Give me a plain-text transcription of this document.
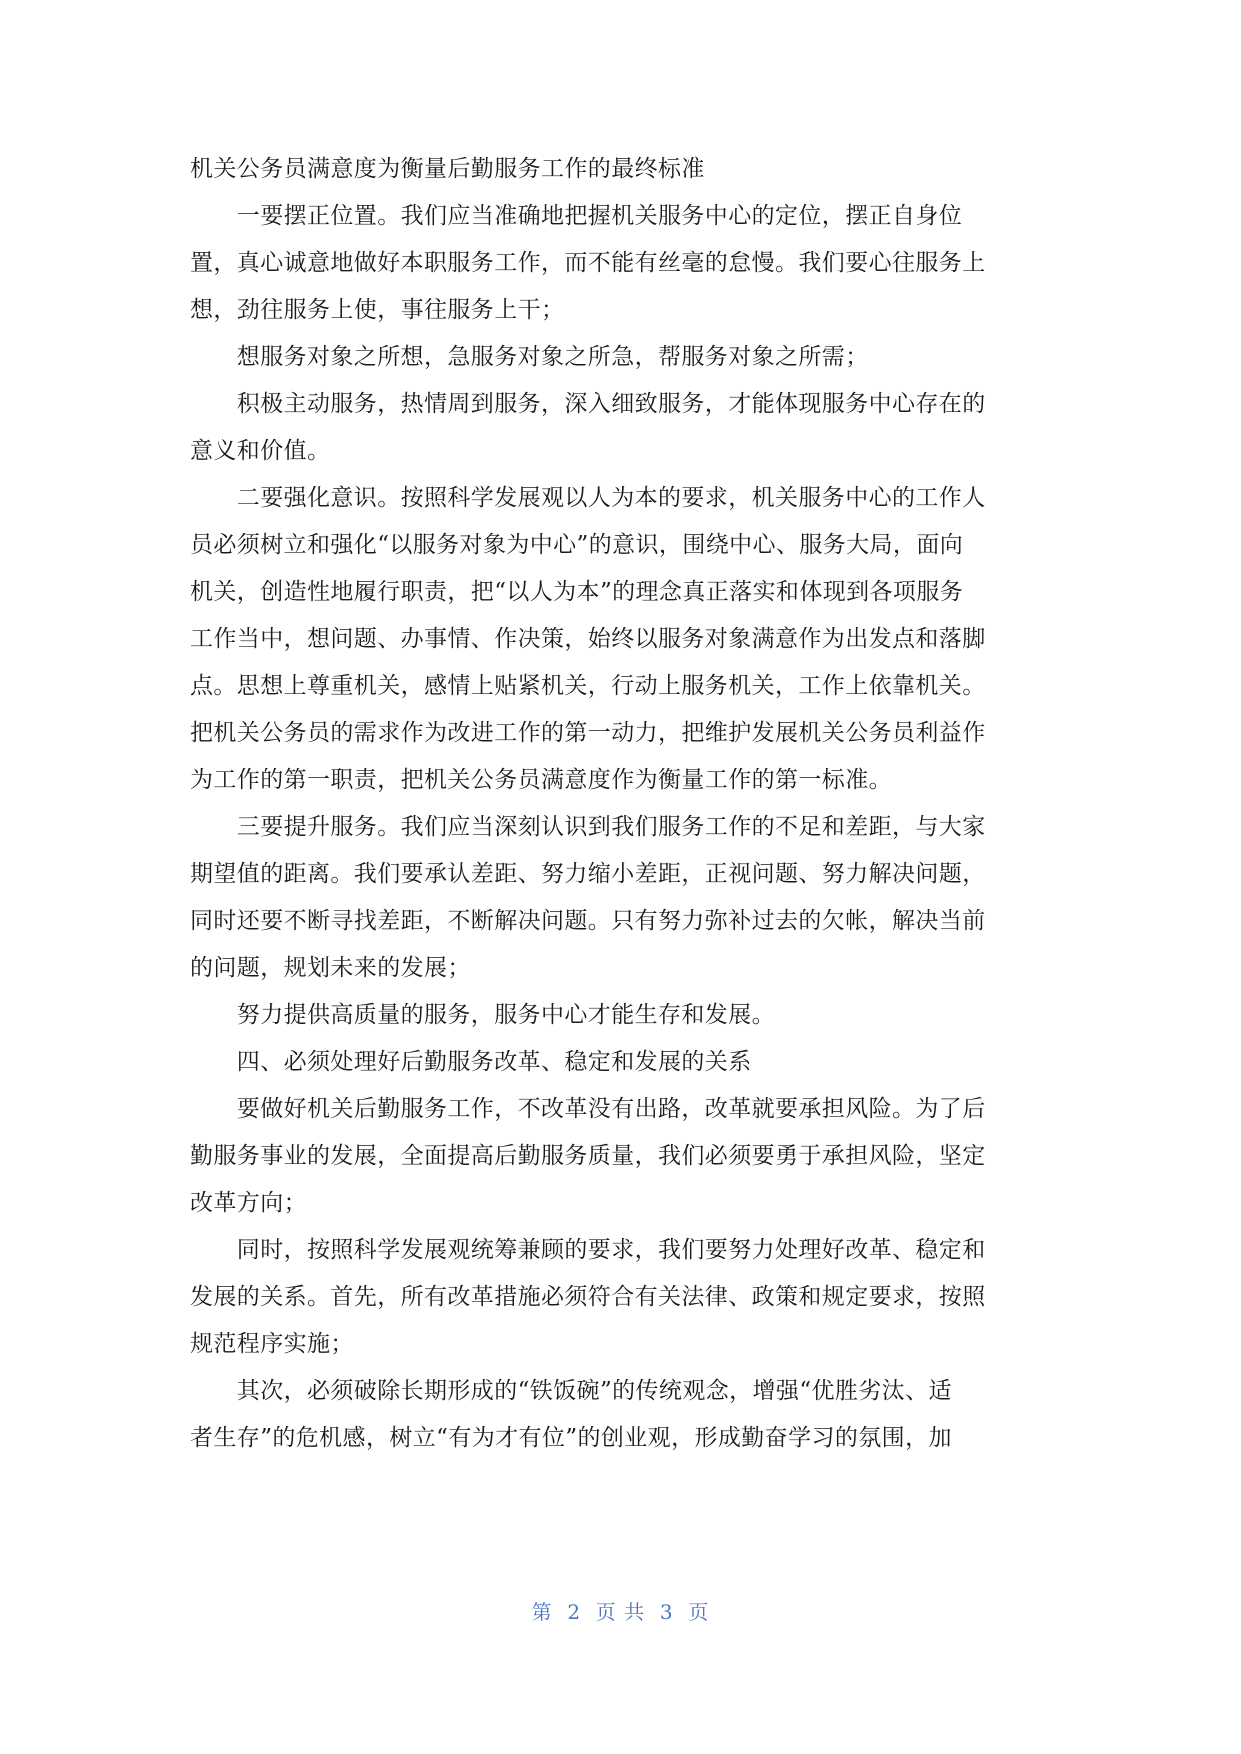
机关公务员满意度为衡量后勤服务工作的最终标准
　　一要摆正位置。我们应当准确地把握机关服务中心的定位，摆正自身位
置，真心诚意地做好本职服务工作，而不能有丝毫的怠慢。我们要心往服务上
想，劲往服务上使，事往服务上干；
　　想服务对象之所想，急服务对象之所急，帮服务对象之所需；
　　积极主动服务，热情周到服务，深入细致服务，才能体现服务中心存在的
意义和价值。
　　二要强化意识。按照科学发展观以人为本的要求，机关服务中心的工作人
员必须树立和强化“以服务对象为中心”的意识，围绕中心、服务大局，面向
机关，创造性地履行职责，把“以人为本”的理念真正落实和体现到各项服务
工作当中，想问题、办事情、作决策，始终以服务对象满意作为出发点和落脚
点。思想上尊重机关，感情上贴紧机关，行动上服务机关，工作上依靠机关。
把机关公务员的需求作为改进工作的第一动力，把维护发展机关公务员利益作
为工作的第一职责，把机关公务员满意度作为衡量工作的第一标准。
　　三要提升服务。我们应当深刻认识到我们服务工作的不足和差距，与大家
期望值的距离。我们要承认差距、努力缩小差距，正视问题、努力解决问题，
同时还要不断寻找差距，不断解决问题。只有努力弥补过去的欠帐，解决当前
的问题，规划未来的发展；
　　努力提供高质量的服务，服务中心才能生存和发展。
　　四、必须处理好后勤服务改革、稳定和发展的关系
　　要做好机关后勤服务工作，不改革没有出路，改革就要承担风险。为了后
勤服务事业的发展，全面提高后勤服务质量，我们必须要勇于承担风险，坚定
改革方向；
　　同时，按照科学发展观统筹兼顾的要求，我们要努力处理好改革、稳定和
发展的关系。首先，所有改革措施必须符合有关法律、政策和规定要求，按照
规范程序实施；
　　其次，必须破除长期形成的“铁饭碗”的传统观念，增强“优胜劣汰、适
者生存”的危机感，树立“有为才有位”的创业观，形成勤奋学习的氛围，加
第  2  页 共  3  页
